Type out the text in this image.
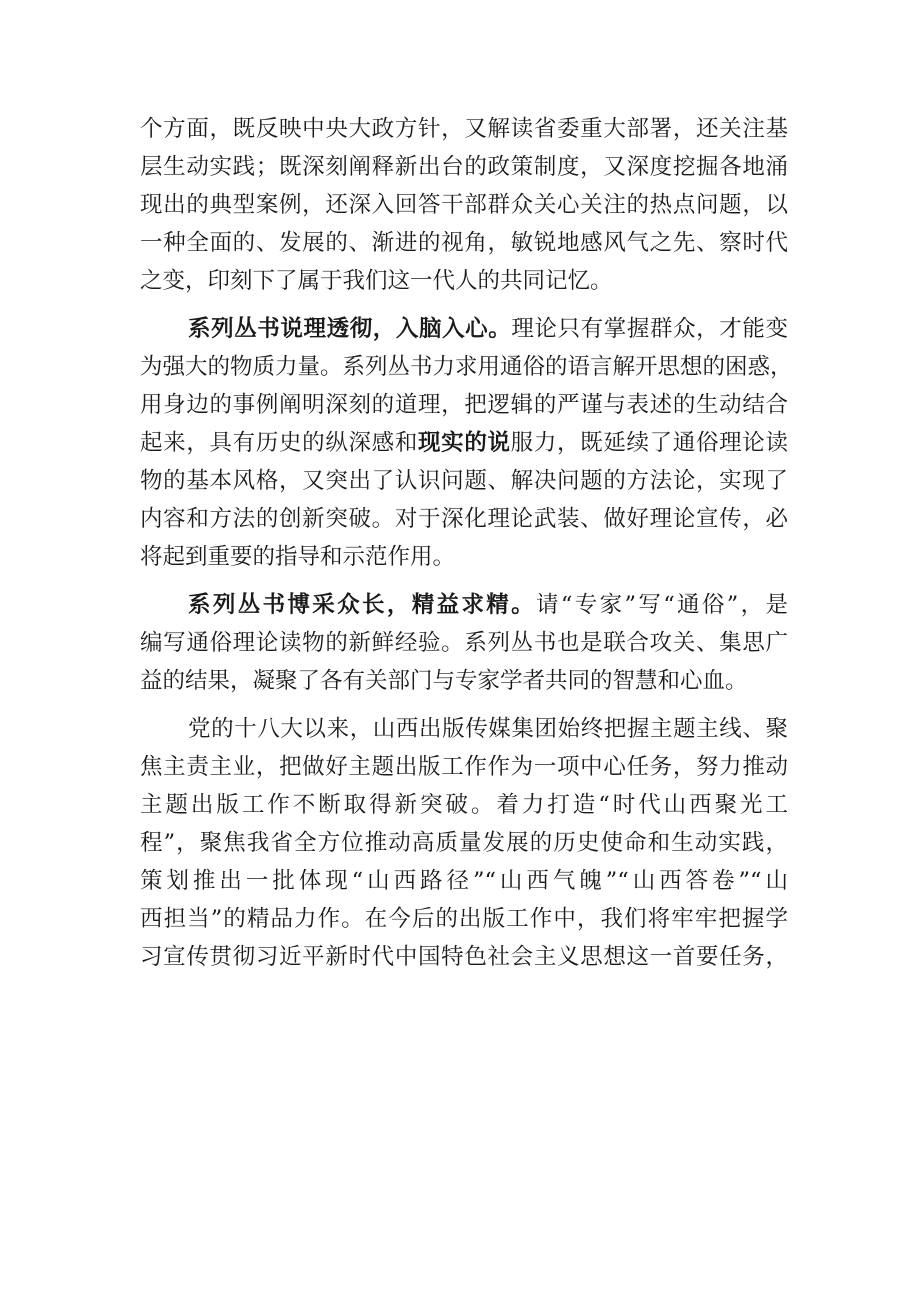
个方面，既反映中央大政方针，又解读省委重大部署，还关注基
层生动实践；既深刻阐释新出台的政策制度，又深度挖掘各地涌
现出的典型案例，还深入回答干部群众关心关注的热点问题，以
一种全面的、发展的、渐进的视角，敏锐地感风气之先、察时代
之变，印刻下了属于我们这一代人的共同记忆。
系列丛书说理透彻，入脑入心。理论只有掌握群众，才能变
为强大的物质力量。系列丛书力求用通俗的语言解开思想的困惑，
用身边的事例阐明深刻的道理，把逻辑的严谨与表述的生动结合
起来，具有历史的纵深感和现实的说服力，既延续了通俗理论读
物的基本风格，又突出了认识问题、解决问题的方法论，实现了
内容和方法的创新突破。对于深化理论武装、做好理论宣传，必
将起到重要的指导和示范作用。
系列丛书博采众长，精益求精。请“专家”写“通俗”，是
编写通俗理论读物的新鲜经验。系列丛书也是联合攻关、集思广
益的结果，凝聚了各有关部门与专家学者共同的智慧和心血。
党的十八大以来，山西出版传媒集团始终把握主题主线、聚
焦主责主业，把做好主题出版工作作为一项中心任务，努力推动
主题出版工作不断取得新突破。着力打造“时代山西聚光工
程”，聚焦我省全方位推动高质量发展的历史使命和生动实践，
策划推出一批体现“山西路径”“山西气魄”“山西答卷”“山
西担当”的精品力作。在今后的出版工作中，我们将牢牢把握学
习宣传贯彻习近平新时代中国特色社会主义思想这一首要任务，
